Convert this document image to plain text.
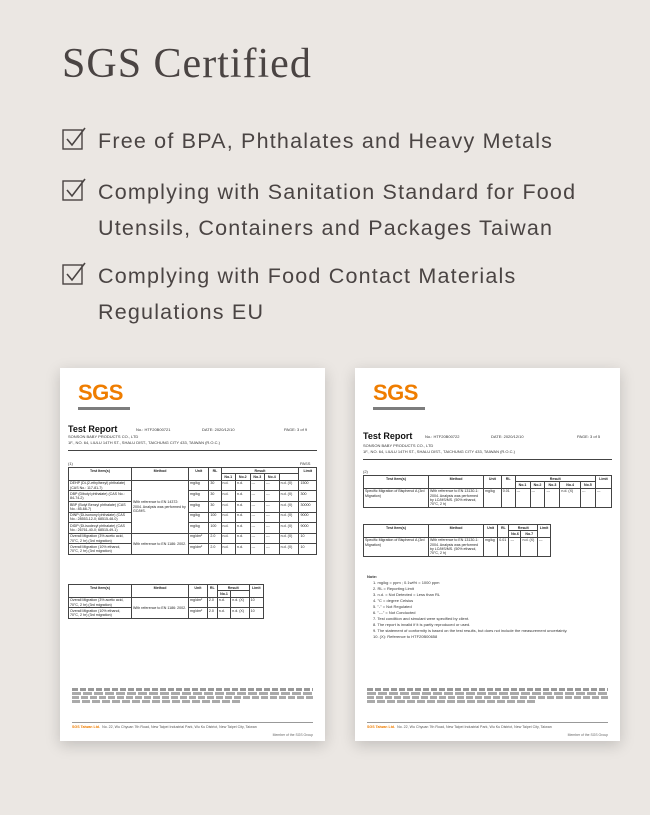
SGS Certified
Free of BPA, Phthalates and Heavy Metals
Complying with Sanitation Standard for Food
Utensils, Containers and Packages Taiwan
Complying with Food Contact Materials
Regulations EU
SGS
Test Report	No.: HTF20B00721	DATE: 2020/12/10	PAGE: 3 of 9
SONSON BABY PRODUCTS CO., LTD
1F., NO. 64, LIULU 14TH ST., SHALU DIST., TAICHUNG CITY 433, TAIWAN (R.O.C.)
(1)	PASS
Test Item(s)	Method	Unit	RL	Result					Limit
				No.1	No.2	No.3	No.4		
DEHP (Di-(2-ethylhexyl) phthalate) (CAS No.: 117-81-7)	With reference to EN 14372: 2004. Analysis was performed by GC/MS.	mg/kg	30	n.d.	n.d.	---	---	n.d. (X)	1500
DBP (Dibutyl phthalate) (CAS No.: 84-74-2)		mg/kg	30	n.d.	n.d.	---	---	n.d. (X)	300
BBP (Butyl Benzyl phthalate) (CAS No.: 85-68-7)		mg/kg	30	n.d.	n.d.	---	---	n.d. (X)	30000
DINP (Di-isononyl phthalate) (CAS No.: 28553-12-0; 68515-48-0)		mg/kg	100	n.d.	n.d.	---	---	n.d. (X)	9000
DIDP (Di-isodecyl phthalate) (CAS No.: 26761-40-0; 68515-49-1)		mg/kg	100	n.d.	n.d.	---	---	n.d. (X)	9000
Overall Migration (3% acetic acid, 70°C, 2 hr) (3rd migration)	With reference to EN 1186: 2002.	mg/dm²	2.0	n.d.	n.d.	---	---	n.d. (X)	10
Overall Migration (10% ethanol, 70°C, 2 hr) (3rd migration)		mg/dm²	2.0	n.d.	n.d.	---	---	n.d. (X)	10
Test Item(s)	Method	Unit	RL	Result		Limit
				No.1		
Overall Migration (3% acetic acid, 70°C, 2 hr) (3rd migration)	With reference to EN 1186: 2002.	mg/dm²	2.0	n.d.	n.d. (X)	10
Overall Migration (10% ethanol, 70°C, 2 hr) (3rd migration)		mg/dm²	2.0	n.d.	n.d. (X)	10
SGS Taiwan Ltd. No. 22, Wu Chyuan 7th Road, New Taipei Industrial Park, Wu Ku District, New Taipei City, Taiwan
Member of the SGS Group
SGS
Test Report	No.: HTF20B00722	DATE: 2020/12/10	PAGE: 3 of 5
SONSON BABY PRODUCTS CO., LTD
1F., NO. 64, LIULU 14TH ST., SHALU DIST., TAICHUNG CITY 433, TAIWAN (R.O.C.)
(2)
Test Item(s)	Method	Unit	RL	Result					Limit
				No.1	No.2	No.3	No.4	No.5	
Specific Migration of Bisphenol A (3rd Migration)	With reference to EN 13130-1: 2004. Analysis was performed by LC/MS/MS. (50% ethanol, 70°C, 2 h)	mg/kg	0.01	---	---	---	n.d. (X)	---	---
Test Item(s)	Method	Unit	RL	Result		Limit
				No.6	No.7	
Specific Migration of Bisphenol A (3rd Migration)	With reference to EN 13130-1: 2004. Analysis was performed by LC/MS/MS. (50% ethanol, 70°C, 2 h)	mg/kg	0.01	---	n.d. (X)	---
Note:
1. mg/kg = ppm ; 0.1wt% = 1000 ppm
2. RL = Reporting Limit
3. n.d. = Not Detected = Less than RL
4. °C = degree Celsius
5. "-" = Not Regulated
6. "---" = Not Conducted
7. Test condition and simulant were specified by client.
8. The report is invalid if it is partly reproduced or used.
9. The statement of conformity is based on the test results, but does not include the measurement uncertainty.
10. (X): Reference to HTF20B00658
SGS Taiwan Ltd. No. 22, Wu Chyuan 7th Road, New Taipei Industrial Park, Wu Ku District, New Taipei City, Taiwan
Member of the SGS Group
